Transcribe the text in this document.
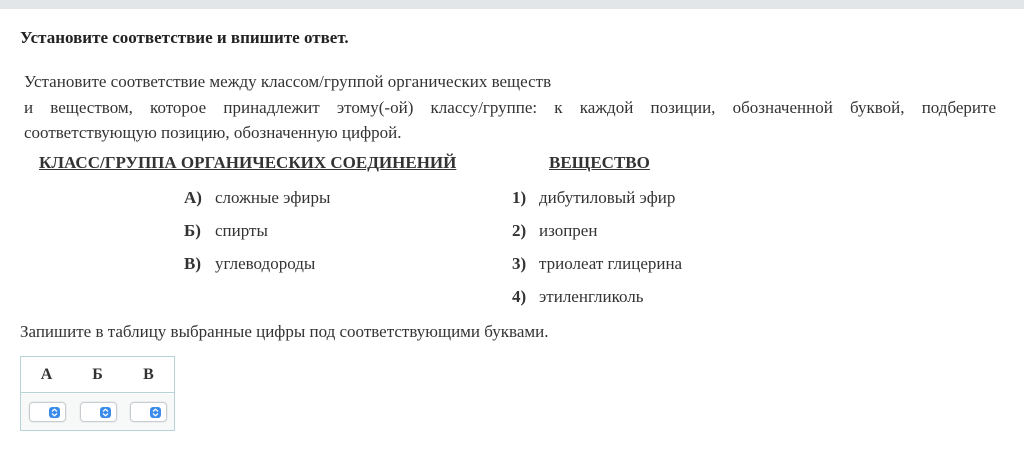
Установите соответствие и впишите ответ.

Установите соответствие между классом/группой органических веществ

и веществом, которое принадлежит этому(-ой) классу/группе: к каждой позиции, обозначенной буквой, подберите

соответствующую позицию, обозначенную цифрой.

КЛАСС/ГРУППА ОРГАНИЧЕСКИХ СОЕДИНЕНИЙ	ВЕЩЕСТВО
А) сложные эфиры
Б) спирты
В) углеводороды
1) дибутиловый эфир
2) изопрен
3) триолеат глицерина
4) этиленгликоль
Запишите в таблицу выбранные цифры под соответствующими буквами.
А	Б	В
